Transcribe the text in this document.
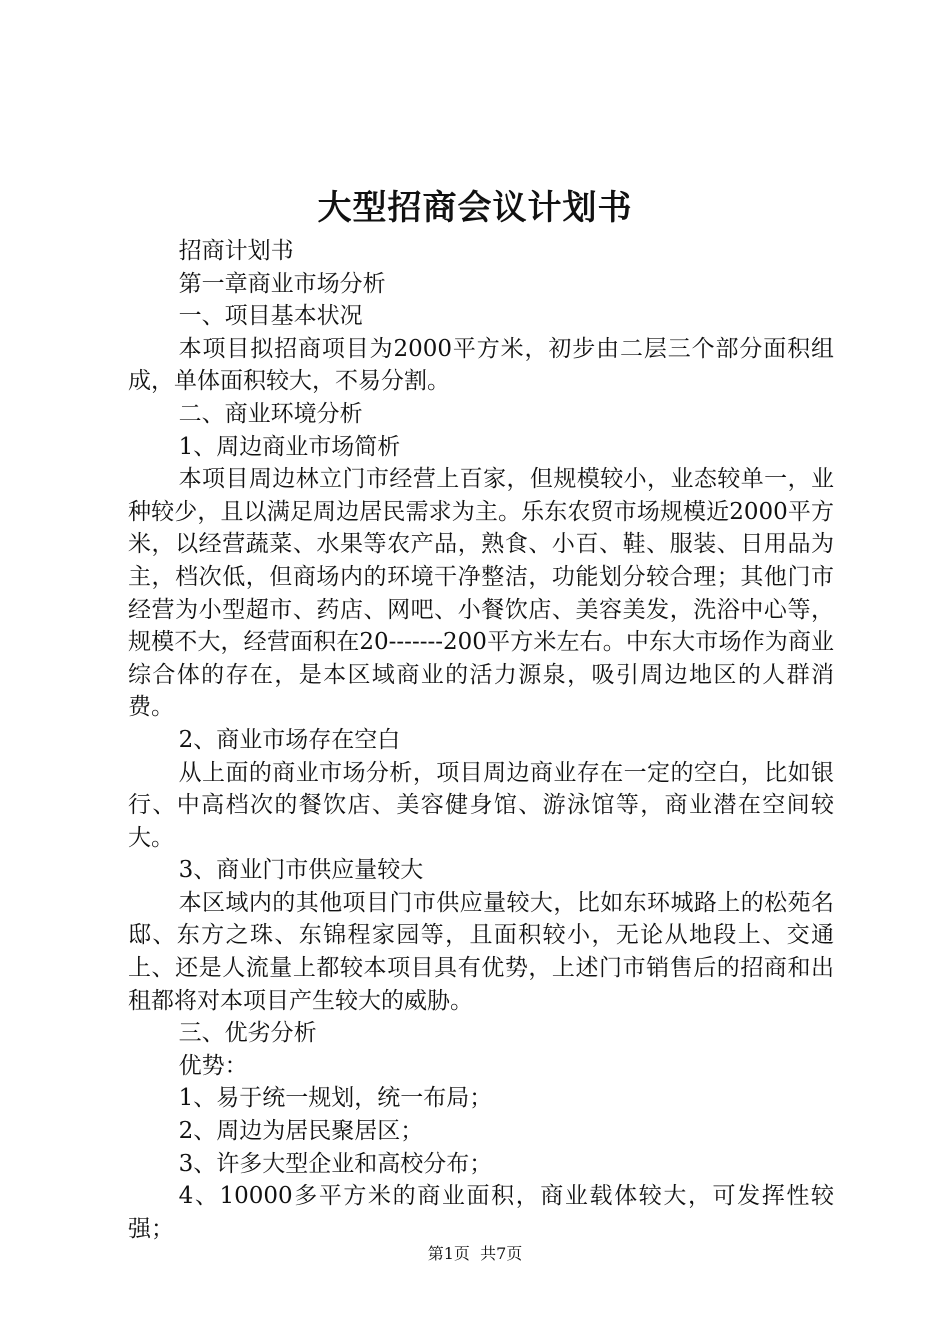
大型招商会议计划书

招商计划书

第一章商业市场分析

一、项目基本状况

本项目拟招商项目为2000平方米，初步由二层三个部分面积组成，单体面积较大，不易分割。

二、商业环境分析

1、周边商业市场简析

本项目周边林立门市经营上百家，但规模较小，业态较单一，业种较少，且以满足周边居民需求为主。乐东农贸市场规模近2000平方米，以经营蔬菜、水果等农产品，熟食、小百、鞋、服装、日用品为主，档次低，但商场内的环境干净整洁，功能划分较合理；其他门市经营为小型超市、药店、网吧、小餐饮店、美容美发，洗浴中心等，规模不大，经营面积在20-------200平方米左右。中东大市场作为商业综合体的存在，是本区域商业的活力源泉，吸引周边地区的人群消费。

2、商业市场存在空白

从上面的商业市场分析，项目周边商业存在一定的空白，比如银行、中高档次的餐饮店、美容健身馆、游泳馆等，商业潜在空间较大。

3、商业门市供应量较大

本区域内的其他项目门市供应量较大，比如东环城路上的松苑名邸、东方之珠、东锦程家园等，且面积较小，无论从地段上、交通上、还是人流量上都较本项目具有优势，上述门市销售后的招商和出租都将对本项目产生较大的威胁。

三、优劣分析

优势：

1、易于统一规划，统一布局；

2、周边为居民聚居区；

3、许多大型企业和高校分布；

4、10000多平方米的商业面积，商业载体较大，可发挥性较强；

第1页 共7页
